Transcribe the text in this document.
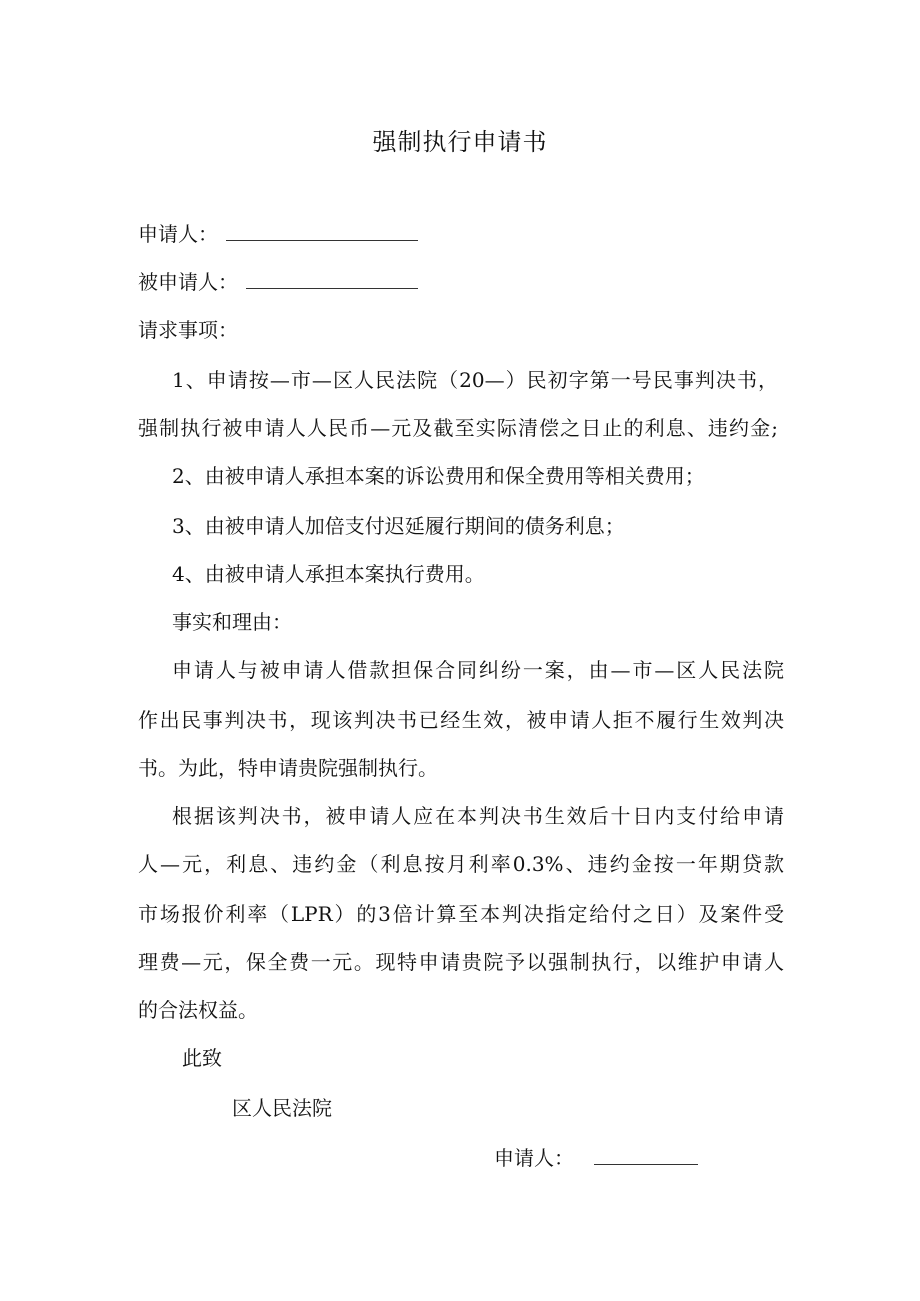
强制执行申请书
申请人：
被申请人：
请求事项：
1、申请按—市—区人民法院（20—）民初字第一号民事判决书，
强制执行被申请人人民币—元及截至实际清偿之日止的利息、违约金;
2、由被申请人承担本案的诉讼费用和保全费用等相关费用；
3、由被申请人加倍支付迟延履行期间的债务利息；
4、由被申请人承担本案执行费用。
事实和理由：
申请人与被申请人借款担保合同纠纷一案，由—市—区人民法院
作出民事判决书，现该判决书已经生效，被申请人拒不履行生效判决
书。为此，特申请贵院强制执行。
根据该判决书，被申请人应在本判决书生效后十日内支付给申请
人—元，利息、违约金（利息按月利率0.3%、违约金按一年期贷款
市场报价利率（LPR）的3倍计算至本判决指定给付之日）及案件受
理费—元，保全费一元。现特申请贵院予以强制执行，以维护申请人
的合法权益。
此致
区人民法院
申请人：
